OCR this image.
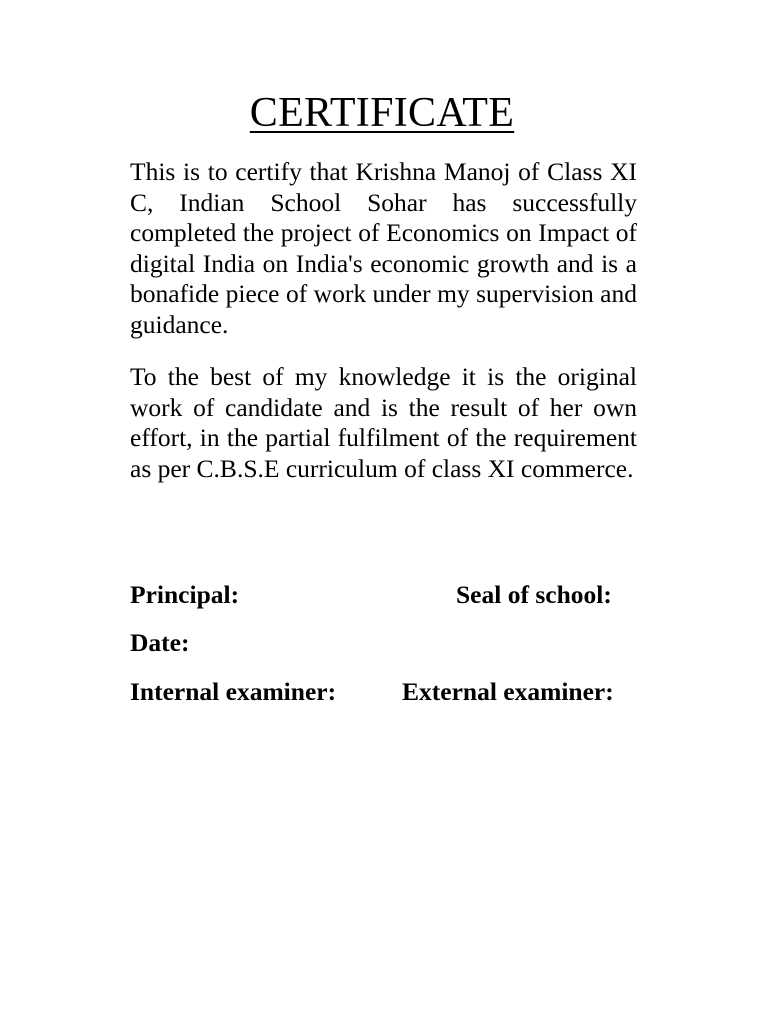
CERTIFICATE

This is to certify that Krishna Manoj of Class XI C, Indian School Sohar has successfully completed the project of Economics on Impact of digital India on India's economic growth and is a bonafide piece of work under my supervision and guidance.

To the best of my knowledge it is the original work of candidate and is the result of her own effort, in the partial fulfilment of the requirement as per C.B.S.E curriculum of class XI commerce.

Principal:	Seal of school:
Date:
Internal examiner:	External examiner:
